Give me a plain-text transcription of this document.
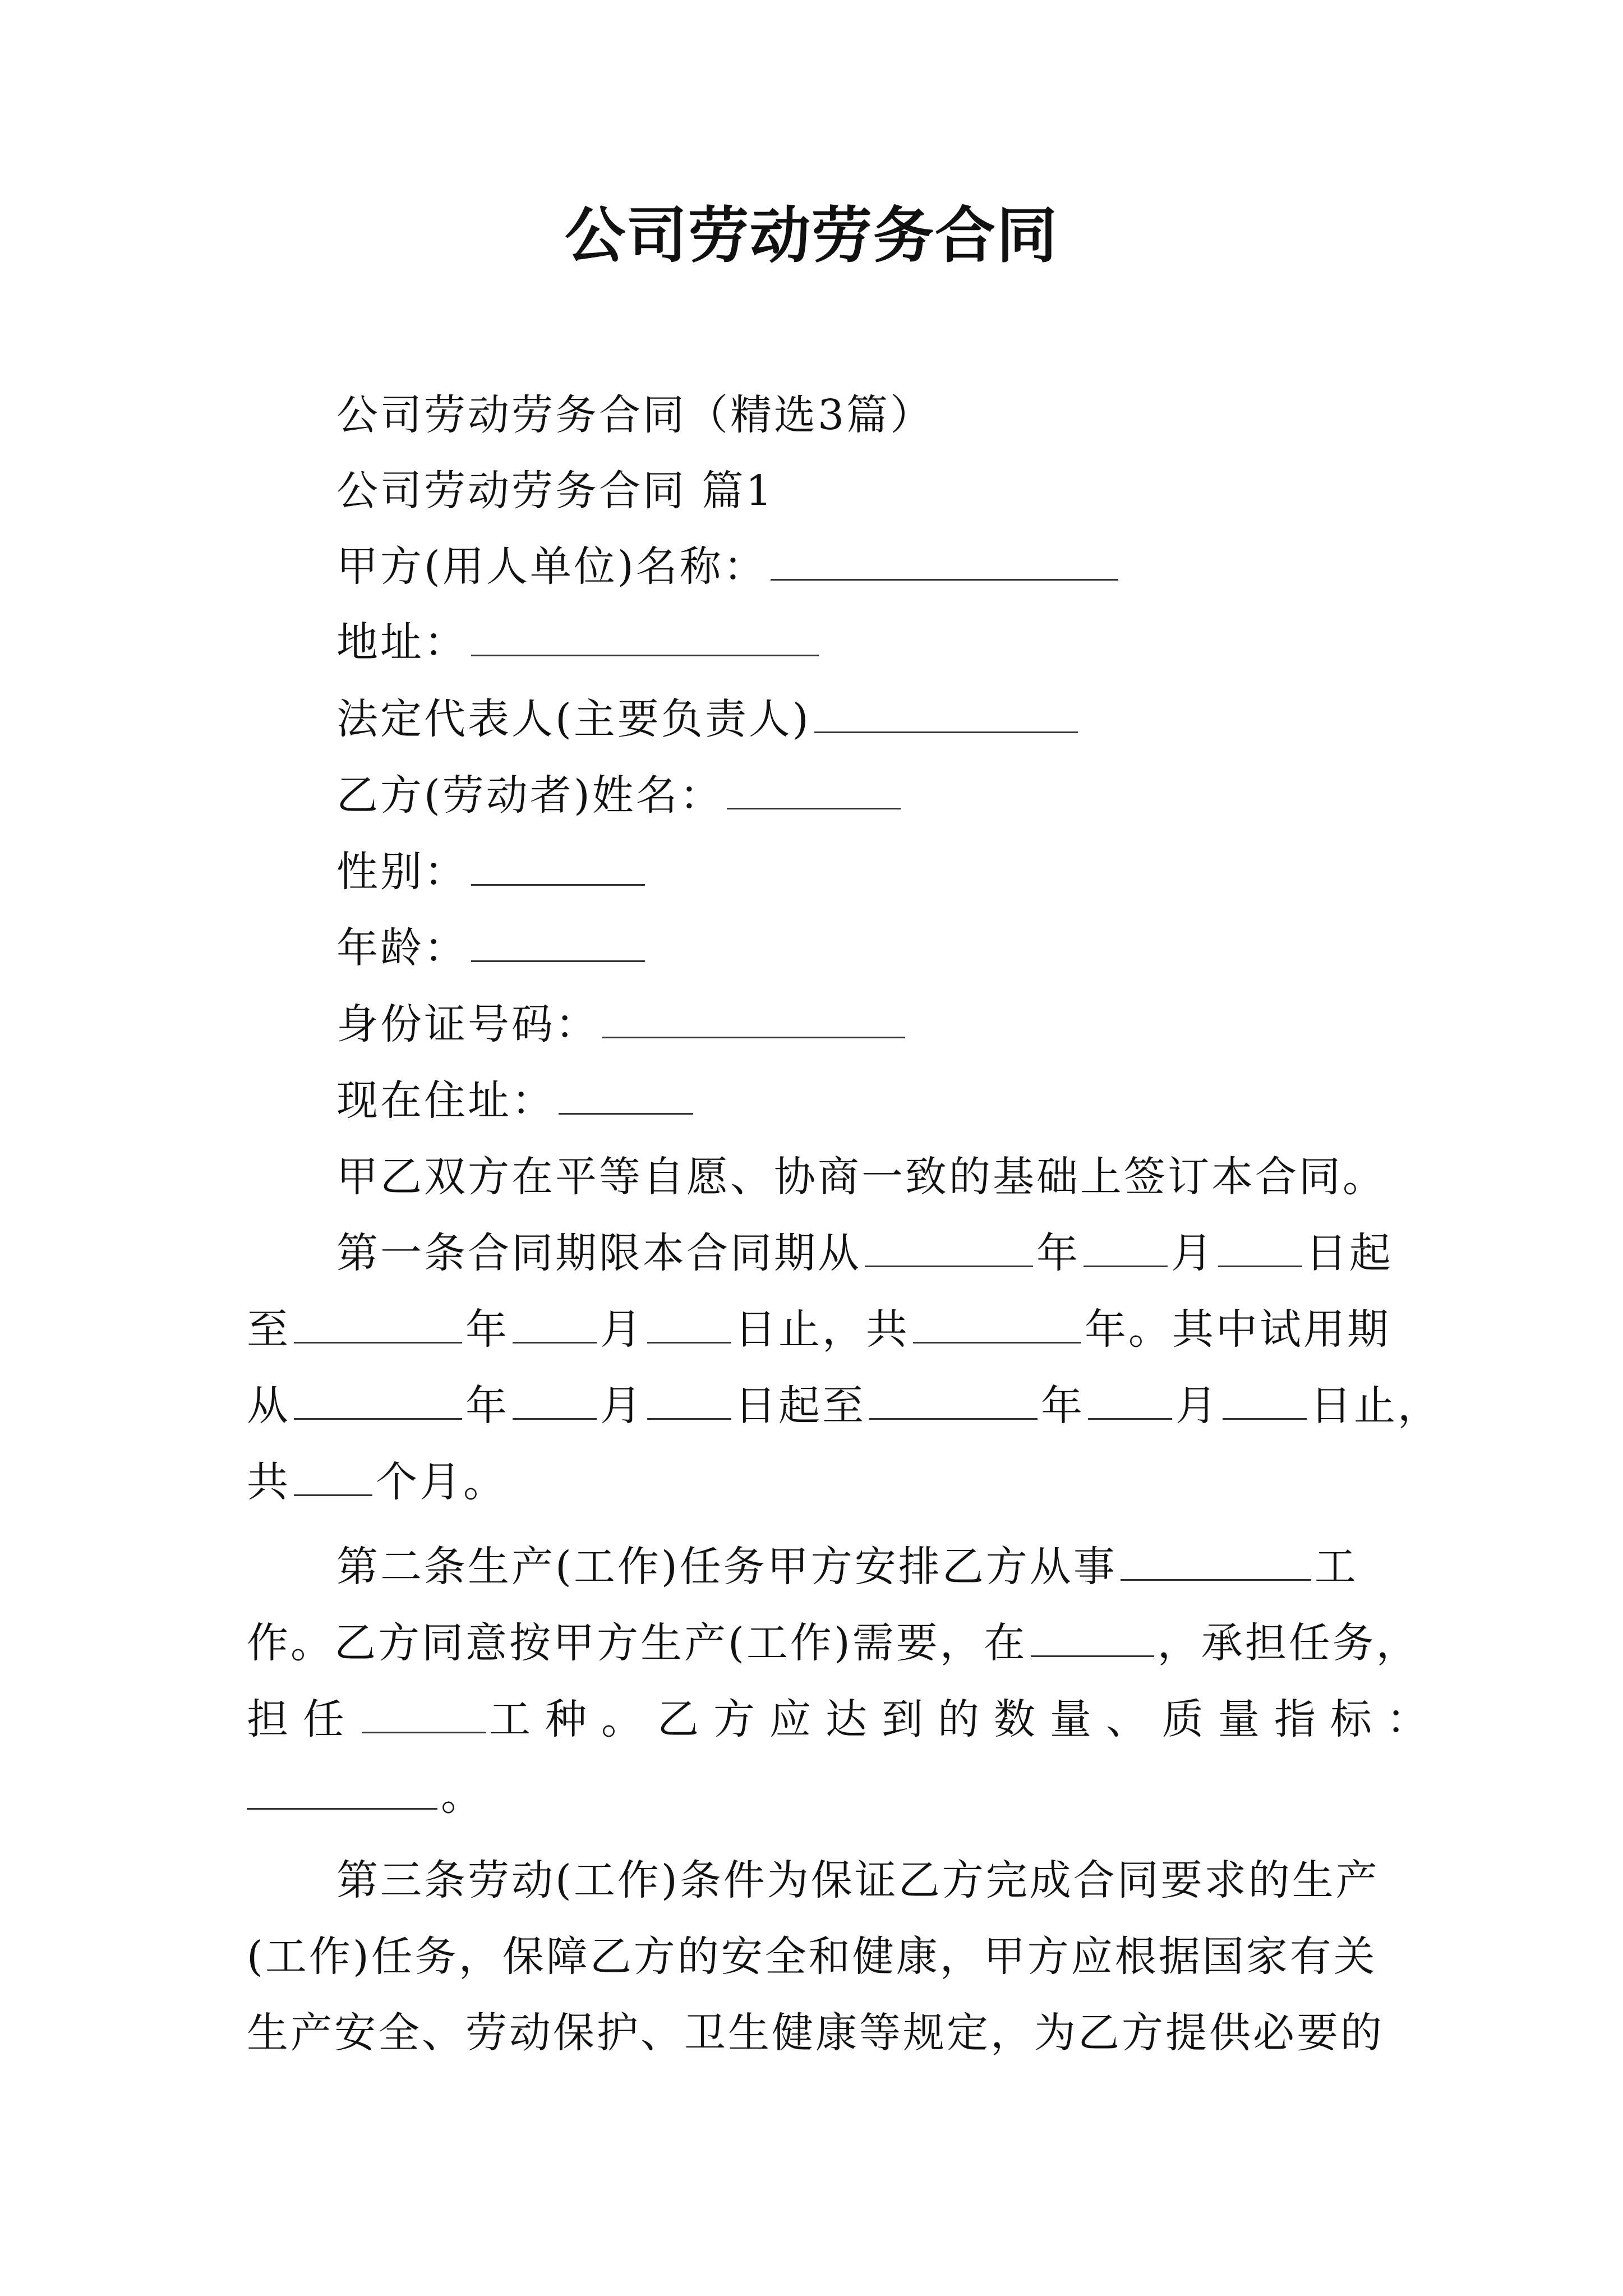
公司劳动劳务合同
公司劳动劳务合同（精选3篇）
公司劳动劳务合同 篇1
甲方(用人单位)名称：
地址：
法定代表人(主要负责人)
乙方(劳动者)姓名：
性别：
年龄：
身份证号码：
现在住址：
甲乙双方在平等自愿、协商一致的基础上签订本合同。
第一条合同期限本合同期从	年 月 日起
至	年 月 日止，共	年。其中试用期
从	年 月 日起至	年 月 日止，
共 个月。
第二条生产(工作)任务甲方安排乙方从事	工
作。乙方同意按甲方生产(工作)需要，在	，承担任务，
担任	工种。乙方应达到的数量、质量指标：
。
第三条劳动(工作)条件为保证乙方完成合同要求的生产
(工作)任务，保障乙方的安全和健康，甲方应根据国家有关
生产安全、劳动保护、卫生健康等规定，为乙方提供必要的
